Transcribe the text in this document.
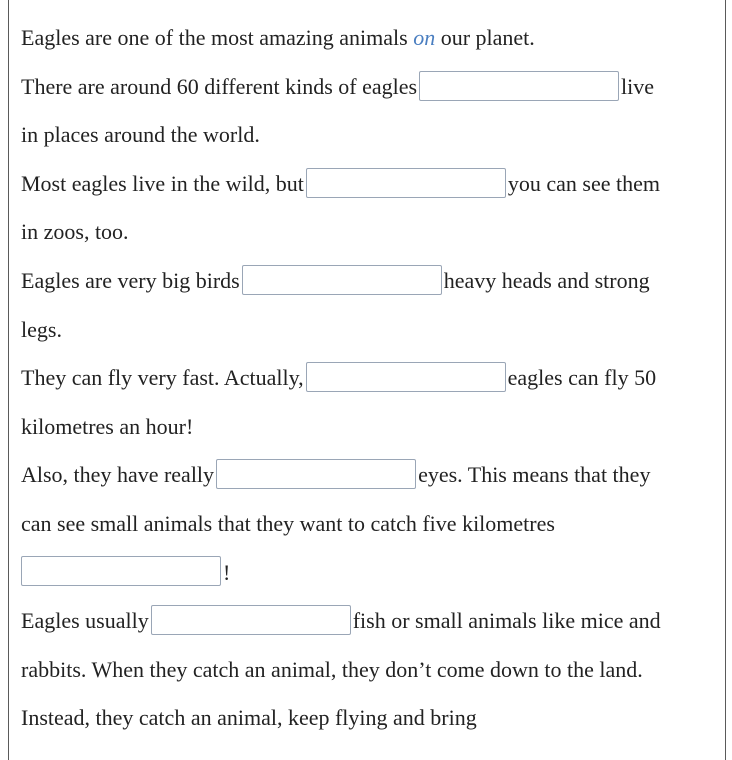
Eagles are one of the most amazing animals on our planet.
There are around 60 different kinds of eagles	live
in places around the world.
Most eagles live in the wild, but	you can see them
in zoos, too.
Eagles are very big birds	heavy heads and strong
legs.
They can fly very fast. Actually,	eagles can fly 50
kilometres an hour!
Also, they have really	eyes. This means that they
can see small animals that they want to catch five kilometres
!
Eagles usually	fish or small animals like mice and
rabbits. When they catch an animal, they don’t come down to the land.
Instead, they catch an animal, keep flying and bring
